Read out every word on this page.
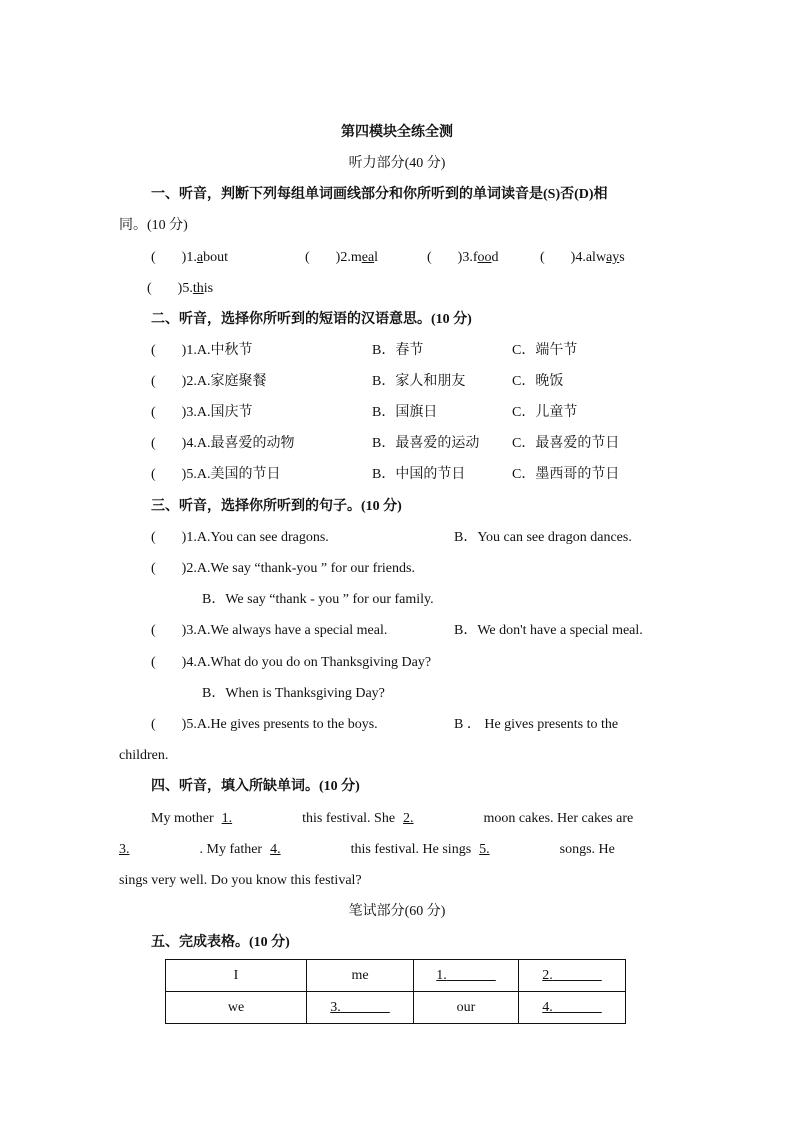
第四模块全练全测
听力部分(40 分)
一、听音，判断下列每组单词画线部分和你所听到的单词读音是(S)否(D)相
同。(10 分)
( )1.about	( )2.meal	( )3.food	( )4.always
( )5.this
二、听音，选择你所听到的短语的汉语意思。(10 分)
( )1.A.中秋节	B．春节	C．端午节
( )2.A.家庭聚餐	B．家人和朋友	C．晚饭
( )3.A.国庆节	B．国旗日	C．儿童节
( )4.A.最喜爱的动物	B．最喜爱的运动 C．最喜爱的节日
( )5.A.美国的节日	B．中国的节日	C．墨西哥的节日
三、听音，选择你所听到的句子。(10 分)
( )1.A.You can see dragons.	B．You can see dragon dances.
( )2.A.We say “thank-you ” for our friends.
B．We say “thank - you ” for our family.
( )3.A.We always have a special meal.	B．We don't have a special meal.
( )4.A.What do you do on Thanksgiving Day?
B．When is Thanksgiving Day?
( )5.A.He gives presents to the boys.	B ． He gives presents to the
children.
四、听音，填入所缺单词。(10 分)
My mother 1.	this festival. She 2.	moon cakes. Her cakes are
3.	. My father 4.	this festival. He sings 5.	songs. He
sings very well. Do you know this festival?
笔试部分(60 分)
五、完成表格。(10 分)
I	me	1.	2.
we	3.	our	4.
